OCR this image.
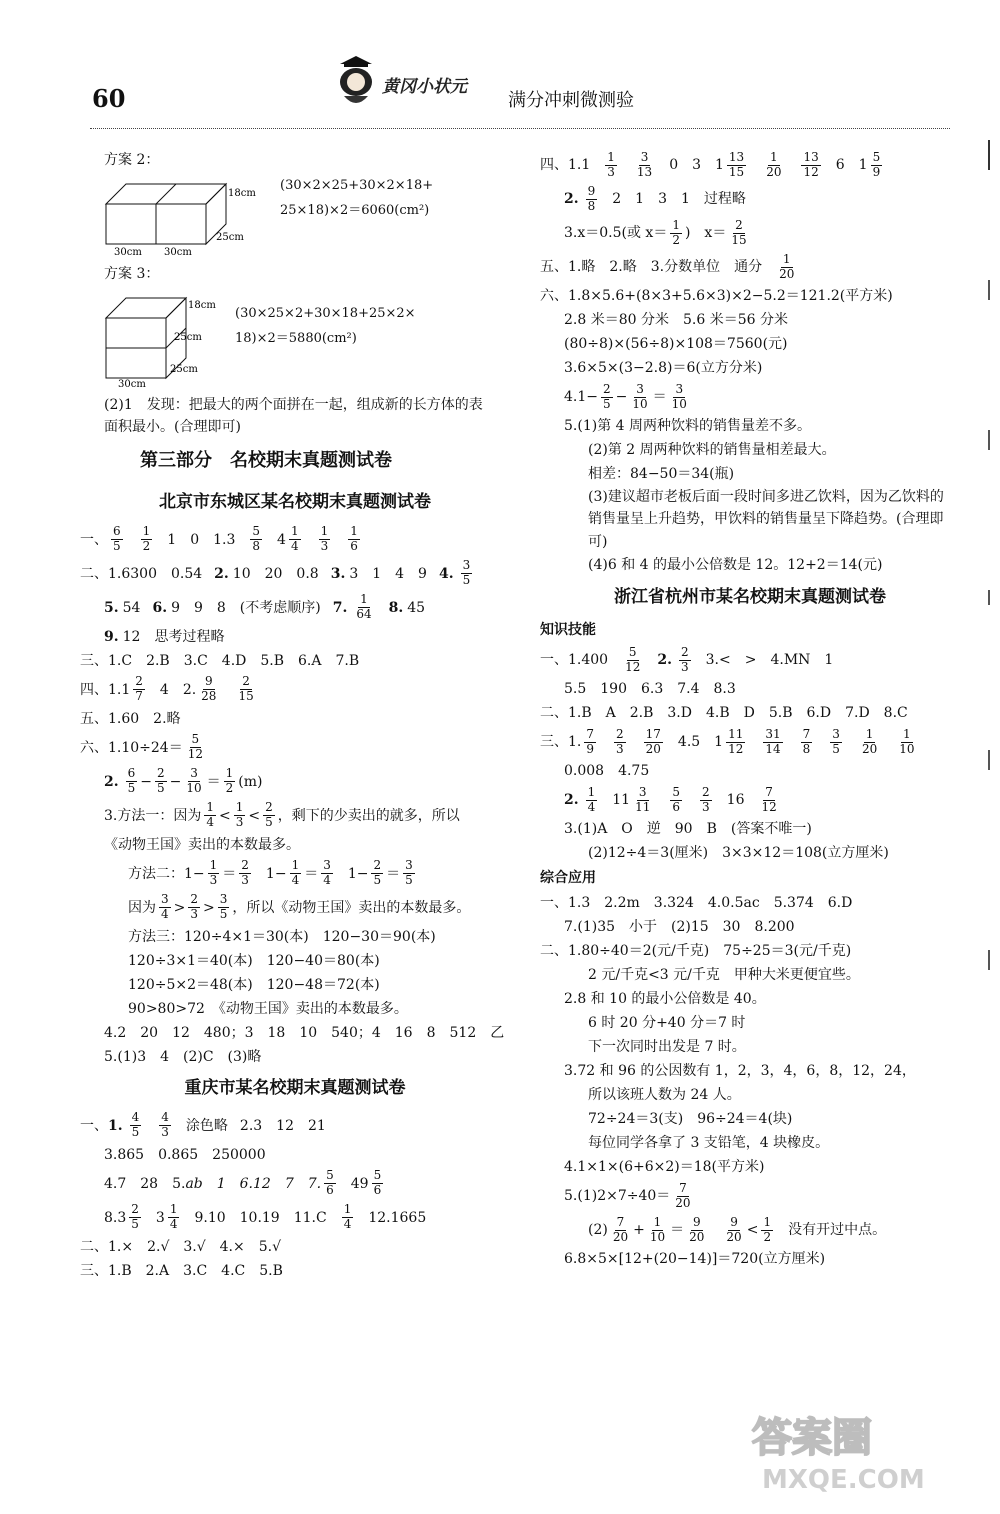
60	黄冈小状元
满分冲刺微测验
方案 2：
18cm
25cm
30cm 30cm
(30×2×25+30×2×18+
25×18)×2＝6060(cm²)
方案 3：
18cm
25cm
25cm
30cm
(30×25×2+30×18+25×2×
18)×2＝5880(cm²)
(2)1　发现：把最大的两个面拼在一起，组成新的长方体的表面积最小。(合理即可)
第三部分　名校期末真题测试卷
北京市东城区某名校期末真题测试卷
一、 $\frac{6}{5} \frac{1}{2} 1$　0　$1.3 \frac{5}{8} 4 \frac{1}{4} \frac{1}{3} \frac{1}{6}$
二、 1.6300　0.54 2. 10　20　0.8 3. 3　1　4　9 4. $\frac{3}{5}$
5. 54 6. 9　9　8　(不考虑顺序) 7. $\frac{1}{64} 8$. 45
9. 12　思考过程略
三、 1.C　2.B　3.C　4.D　5.B　6.A　7.B
四、 $1.1 \frac{2}{7} 4$　2. $\frac{9}{28} \frac{2}{15}$
五、 1.60　2.略
六、 $1.10\div 24= \frac{5}{12}$
2. $\frac{6}{5} - \frac{2}{5} - \frac{3}{10} = \frac{1}{2} (m)$
3.方法一：因为 $\frac{1}{4} < \frac{1}{3} < \frac{2}{5}$ ，剩下的少卖出的就多，所以
《动物王国》卖出的本数最多。
方法二：$1- \frac{1}{3} = \frac{2}{3} 1- \frac{1}{4} = \frac{3}{4} 1- \frac{2}{5} = \frac{3}{5}$
因为 $\frac{3}{4} > \frac{2}{3} > \frac{3}{5}$ ，所以《动物王国》卖出的本数最多。
方法三：120÷4×1＝30(本)　120−30＝90(本)
120÷3×1＝40(本)　120−40＝80(本)
120÷5×2＝48(本)　120−48＝72(本)
90>80>72　《动物王国》卖出的本数最多。
4.2　20　12　480；3　18　10　540；4　16　8　512　乙
5.(1)3　4　(2)C　(3)略
重庆市某名校期末真题测试卷
一、 1. $\frac{4}{5} \frac{4}{3}$ 涂色略 2.3　12　21
3.865　0.865　250000
4.7　28　5. ab　1　6.12　7　7. $\frac{5}{6} 49 \frac{5}{6}$
$8.3 \frac{2}{5} 3 \frac{1}{4} 9.10$　10.19　$11.C \frac{1}{4} 12.1665$
二、1.×　2.√　3.√　4.×　5.√
三、1.B　2.A　3.C　4.C　5.B
四、 $1.1 \frac{1}{3} \frac{3}{13} 0$　3　$1 \frac{13}{15} \frac{1}{20} \frac{13}{12} 6$　$1 \frac{5}{9}$
2. $\frac{9}{8} 2$　1　3　1　过程略
3.x＝0.5(或 $x= \frac{1}{2}$ )　$x= \frac{2}{15}$
五、1.略　2.略　3.分数单位　通分 $\frac{1}{20}$
六、1.8×5.6+(8×3+5.6×3)×2−5.2＝121.2(平方米)
2.8 米＝80 分米　5.6 米＝56 分米
(80÷8)×(56÷8)×108＝7560(元)
3.6×5×(3−2.8)＝6(立方分米)
$4.1- \frac{2}{5} - \frac{3}{10} = \frac{3}{10}$
5.(1)第 4 周两种饮料的销售量差不多。
(2)第 2 周两种饮料的销售量相差最大。
相差：84−50＝34(瓶)
(3)建议超市老板后面一段时间多进乙饮料，因为乙饮料的销售量呈上升趋势，甲饮料的销售量呈下降趋势。(合理即可)
(4)6 和 4 的最小公倍数是 12。12+2＝14(元)
浙江省杭州市某名校期末真题测试卷
知识技能
一、$1.400 \frac{5}{12} 2$. $\frac{2}{3} 3.<$　>　4.MN　1
5.5　190　6.3　7.4　8.3
二、1.B　A　2.B　3.D　4.B　D　5.B　6.D　7.D　8.C
三、1. $\frac{7}{9} \frac{2}{3} \frac{17}{20} 4.5$　$1 \frac{11}{12} \frac{31}{14} \frac{7}{8} \frac{3}{5} \frac{1}{20} \frac{1}{10}$
0.008　4.75
2. $\frac{1}{4} 11 \frac{3}{11} \frac{5}{6} \frac{2}{3} 16 \frac{7}{12}$
3.(1)A　O　逆　90　B　(答案不唯一)
(2)12÷4＝3(厘米)　3×3×12＝108(立方厘米)
综合应用
一、1.3　2.2m　3.324　4.0.5ac　5.374　6.D
7.(1)35　小于　(2)15　30　8.200
二、1.80÷40＝2(元/千克)　75÷25＝3(元/千克)
2 元/千克<3 元/千克　甲种大米更便宜些。
2.8 和 10 的最小公倍数是 40。
6 时 20 分+40 分＝7 时
下一次同时出发是 7 时。
3.72 和 96 的公因数有 1，2，3，4，6，8，12，24，
所以该班人数为 24 人。
72÷24＝3(支)　96÷24＝4(块)
每位同学各拿了 3 支铅笔，4 块橡皮。
4.1×1×(6+6×2)＝18(平方米)
$5.(1)2\times 7\div 40= \frac{7}{20}$
$(2) \frac{7}{20} + \frac{1}{10} = \frac{9}{20} \frac{9}{20} < \frac{1}{2}$ 没有开过中点。
6.8×5×[12+(20−14)]＝720(立方厘米)
答案圈
MXQE.COM
